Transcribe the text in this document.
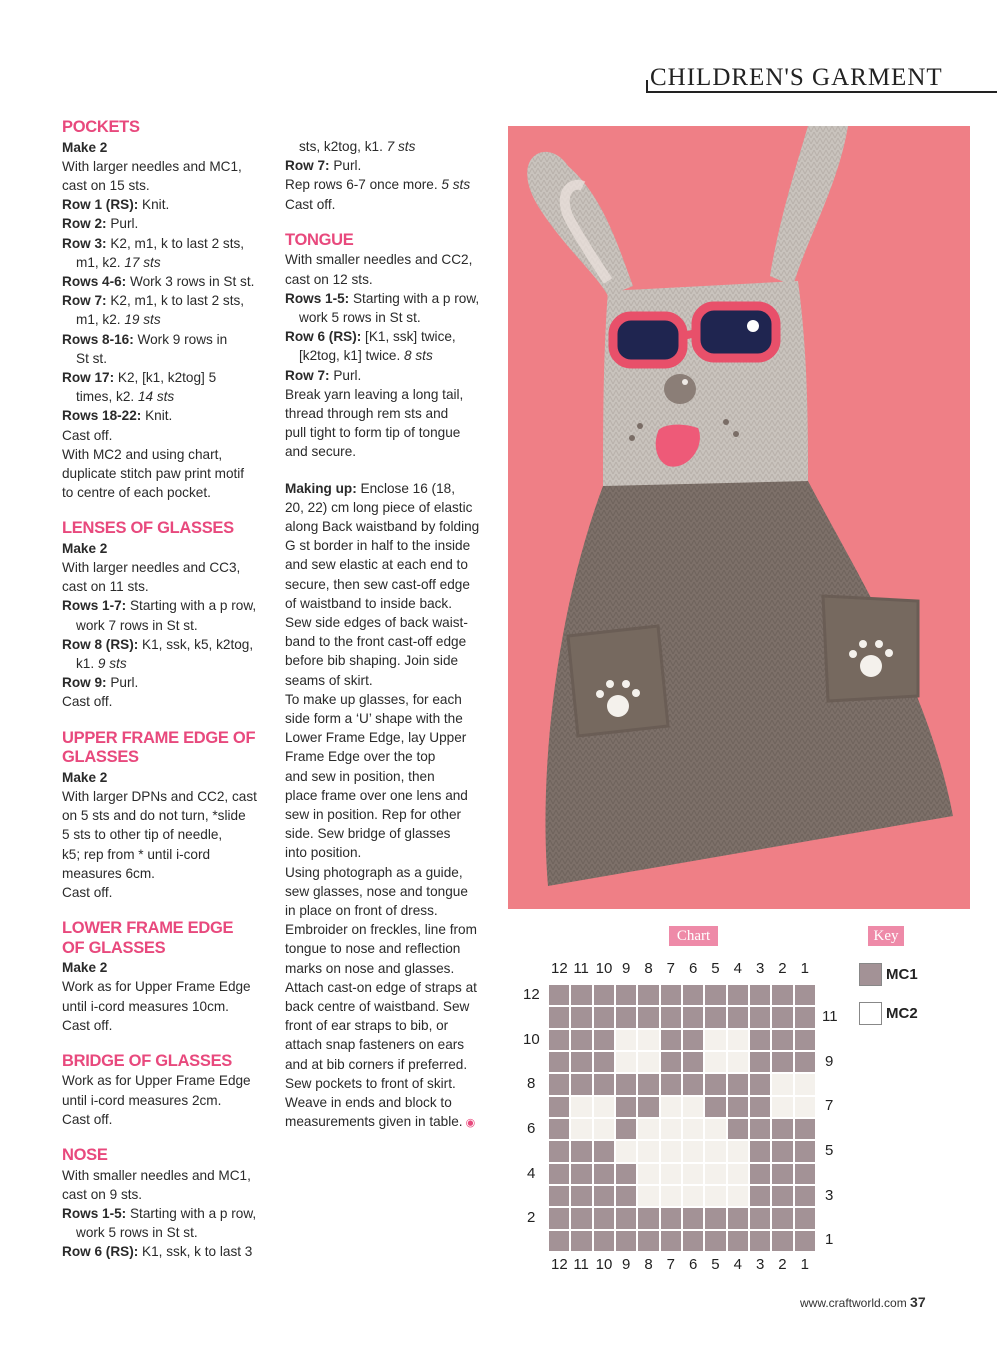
CHILDREN'S GARMENT
POCKETS
Make 2
With larger needles and MC1,
cast on 15 sts.
Row 1 (RS): Knit.
Row 2: Purl.
Row 3: K2, m1, k to last 2 sts,
m1, k2. 17 sts
Rows 4-6: Work 3 rows in St st.
Row 7: K2, m1, k to last 2 sts,
m1, k2. 19 sts
Rows 8-16: Work 9 rows in
St st.
Row 17: K2, [k1, k2tog] 5
times, k2. 14 sts
Rows 18-22: Knit.
Cast off.
With MC2 and using chart,
duplicate stitch paw print motif
to centre of each pocket.
LENSES OF GLASSES
Make 2
With larger needles and CC3,
cast on 11 sts.
Rows 1-7: Starting with a p row,
work 7 rows in St st.
Row 8 (RS): K1, ssk, k5, k2tog,
k1. 9 sts
Row 9: Purl.
Cast off.
UPPER FRAME EDGE OF GLASSES
Make 2
With larger DPNs and CC2, cast
on 5 sts and do not turn, *slide
5 sts to other tip of needle,
k5; rep from * until i-cord
measures 6cm.
Cast off.
LOWER FRAME EDGE OF GLASSES
Make 2
Work as for Upper Frame Edge
until i-cord measures 10cm.
Cast off.
BRIDGE OF GLASSES
Work as for Upper Frame Edge
until i-cord measures 2cm.
Cast off.
NOSE
With smaller needles and MC1,
cast on 9 sts.
Rows 1-5: Starting with a p row,
work 5 rows in St st.
Row 6 (RS): K1, ssk, k to last 3
sts, k2tog, k1. 7 sts
Row 7: Purl.
Rep rows 6-7 once more. 5 sts
Cast off.
TONGUE
With smaller needles and CC2,
cast on 12 sts.
Rows 1-5: Starting with a p row,
work 5 rows in St st.
Row 6 (RS): [K1, ssk] twice,
[k2tog, k1] twice. 8 sts
Row 7: Purl.
Break yarn leaving a long tail,
thread through rem sts and
pull tight to form tip of tongue
and secure.
Making up: Enclose 16 (18,
20, 22) cm long piece of elastic
along Back waistband by folding
G st border in half to the inside
and sew elastic at each end to
secure, then sew cast-off edge
of waistband to inside back.
Sew side edges of back waist-
band to the front cast-off edge
before bib shaping. Join side
seams of skirt.
To make up glasses, for each
side form a ‘U’ shape with the
Lower Frame Edge, lay Upper
Frame Edge over the top
and sew in position, then
place frame over one lens and
sew in position. Rep for other
side. Sew bridge of glasses
into position.
Using photograph as a guide,
sew glasses, nose and tongue
in place on front of dress.
Embroider on freckles, line from
tongue to nose and reflection
marks on nose and glasses.
Attach cast-on edge of straps at
back centre of waistband. Sew
front of ear straps to bib, or
attach snap fasteners on ears
and at bib corners if preferred.
Sew pockets to front of skirt.
Weave in ends and block to
measurements given in table. ◉
Chart
12 11 10 9 8 7 6 5 4 3 2 1
12 11 10 9 8 7 6 5 4 3 2 1
12
10
8
6
4
2
11
9
7
5
3
1
Key
MC1
MC2
www.craftworld.com 37
